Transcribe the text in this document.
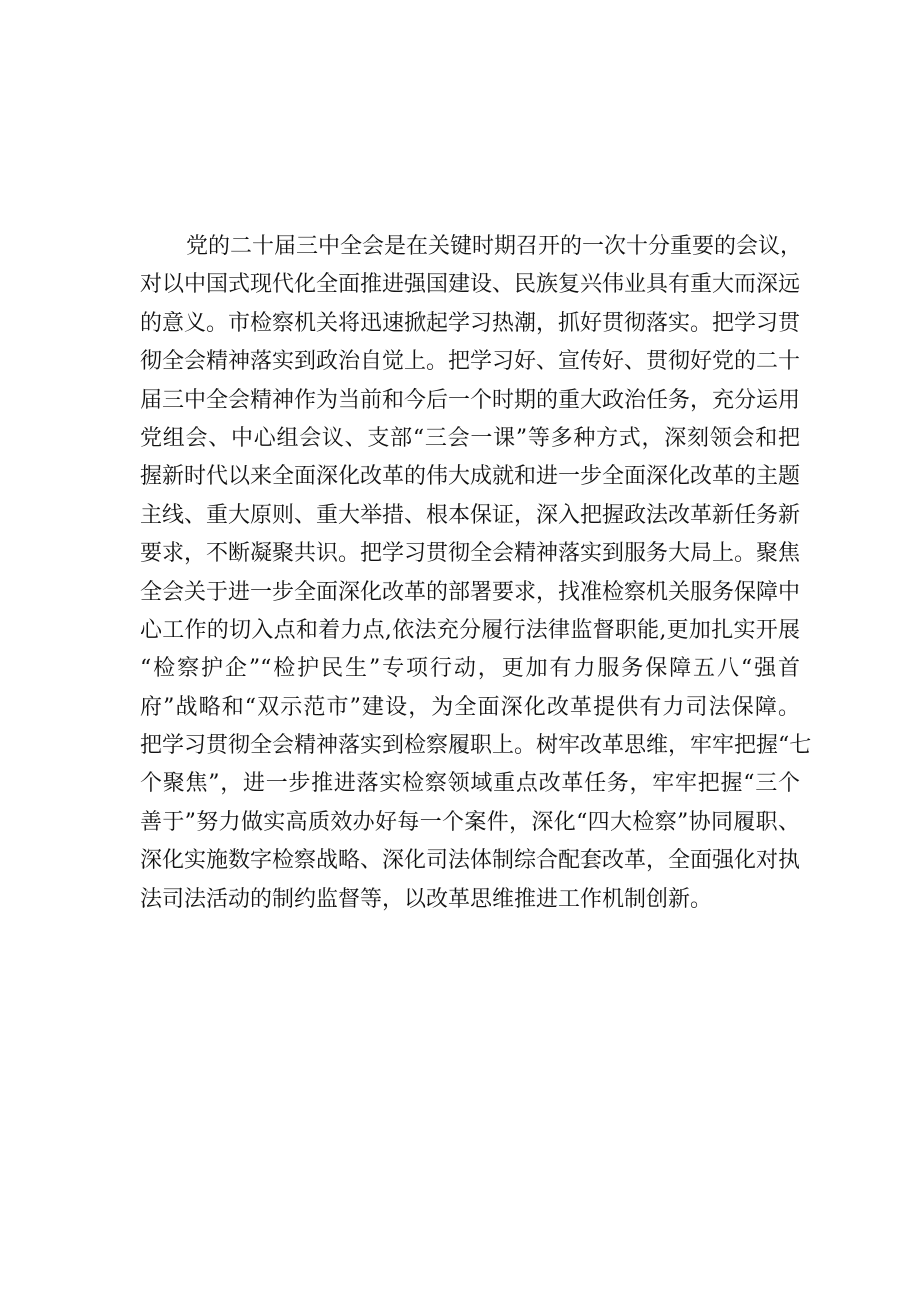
党的二十届三中全会是在关键时期召开的一次十分重要的会议，
对以中国式现代化全面推进强国建设、民族复兴伟业具有重大而深远
的意义。市检察机关将迅速掀起学习热潮，抓好贯彻落实。把学习贯
彻全会精神落实到政治自觉上。把学习好、宣传好、贯彻好党的二十
届三中全会精神作为当前和今后一个时期的重大政治任务，充分运用
党组会、中心组会议、支部“三会一课”等多种方式，深刻领会和把
握新时代以来全面深化改革的伟大成就和进一步全面深化改革的主题
主线、重大原则、重大举措、根本保证，深入把握政法改革新任务新
要求，不断凝聚共识。把学习贯彻全会精神落实到服务大局上。聚焦
全会关于进一步全面深化改革的部署要求，找准检察机关服务保障中
心工作的切入点和着力点,依法充分履行法律监督职能,更加扎实开展
“检察护企”“检护民生”专项行动，更加有力服务保障五八“强首
府”战略和“双示范市”建设，为全面深化改革提供有力司法保障。
把学习贯彻全会精神落实到检察履职上。树牢改革思维，牢牢把握“七
个聚焦”，进一步推进落实检察领域重点改革任务，牢牢把握“三个
善于”努力做实高质效办好每一个案件，深化“四大检察”协同履职、
深化实施数字检察战略、深化司法体制综合配套改革，全面强化对执
法司法活动的制约监督等，以改革思维推进工作机制创新。
